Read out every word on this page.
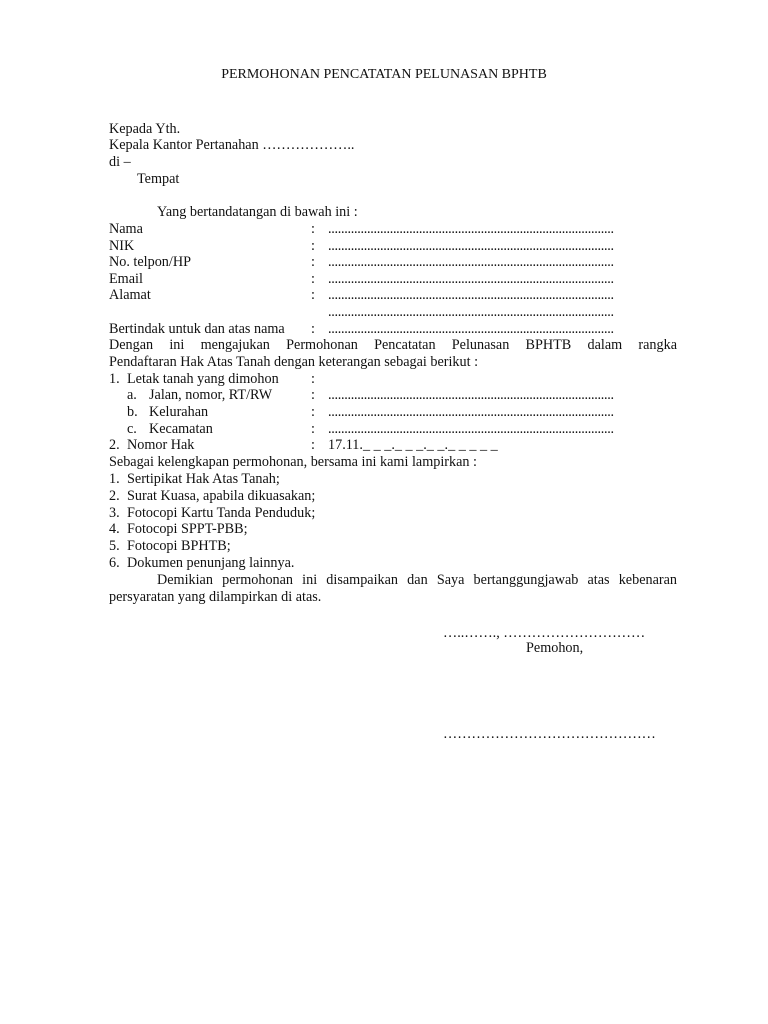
PERMOHONAN PENCATATAN PELUNASAN BPHTB
Kepada Yth.
Kepala Kantor Pertanahan ………………..
di –
Tempat
Yang bertandatangan di bawah ini :
Nama	: ........................................................................................
NIK	: ........................................................................................
No. telpon/HP	: ........................................................................................
Email	: ........................................................................................
Alamat	: ........................................................................................
........................................................................................
Bertindak untuk dan atas nama : ........................................................................................
Dengan ini mengajukan Permohonan Pencatatan Pelunasan BPHTB dalam rangka
Pendaftaran Hak Atas Tanah dengan keterangan sebagai berikut :
1. Letak tanah yang dimohon :
a. Jalan, nomor, RT/RW	: ........................................................................................
b. Kelurahan	: ........................................................................................
c. Kecamatan	: ........................................................................................
2. Nomor Hak	: 17.11._ _ _._ _ _._ _._ _ _ _ _
Sebagai kelengkapan permohonan, bersama ini kami lampirkan :
1. Sertipikat Hak Atas Tanah;
2. Surat Kuasa, apabila dikuasakan;
3. Fotocopi Kartu Tanda Penduduk;
4. Fotocopi SPPT-PBB;
5. Fotocopi BPHTB;
6. Dokumen penunjang lainnya.
Demikian permohonan ini disampaikan dan Saya bertanggungjawab atas kebenaran
persyaratan yang dilampirkan di atas.
…..……., …………………………
Pemohon,
………………………………………
